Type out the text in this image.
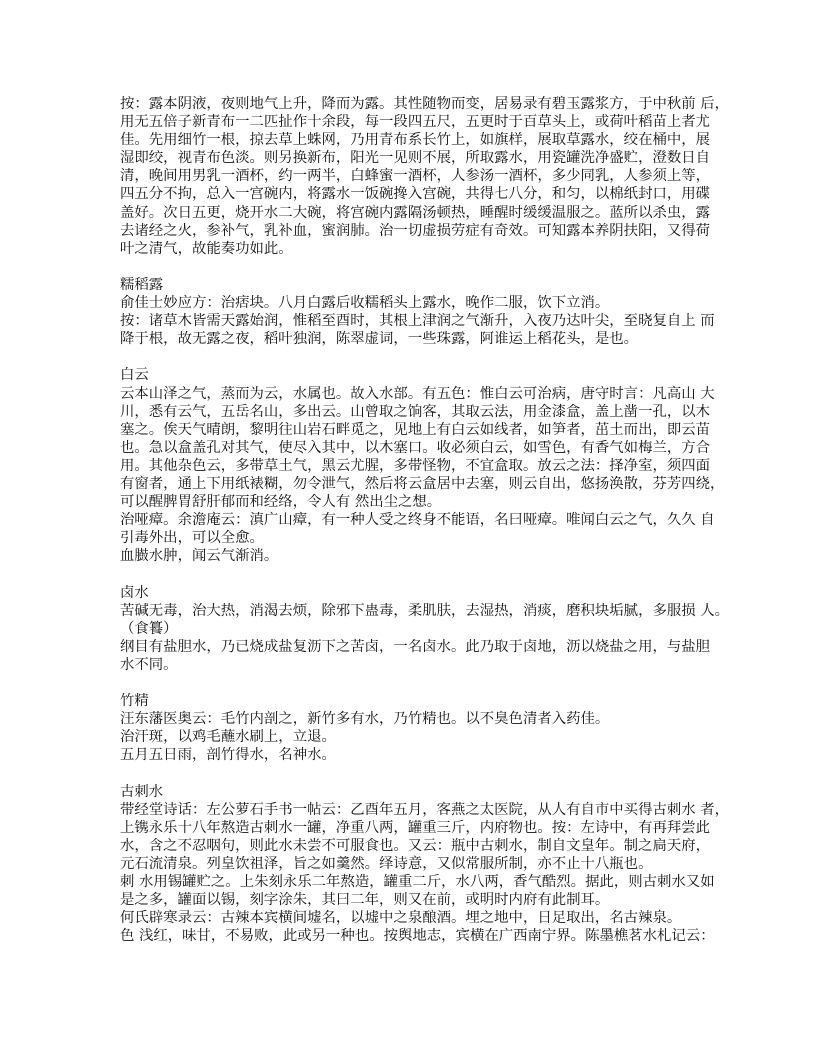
按：露本阴液，夜则地气上升，降而为露。其性随物而变，居易录有碧玉露浆方，于中秋前 后，
用无五倍子新青布一二匹扯作十余段，每一段四五尺，五更时于百草头上，或荷叶稻苗上者尤
佳。先用细竹一根，掠去草上蛛网，乃用青布系长竹上，如旗样，展取草露水，绞在桶中，展
湿即绞，视青布色淡。则另换新布，阳光一见则不展，所取露水，用瓷罐洗净盛贮，澄数日自
清，晚间用男乳一酒杯，约一两半，白蜂蜜一酒杯，人参汤一酒杯，多少同乳，人参须上等，
四五分不拘，总入一宫碗内，将露水一饭碗搀入宫碗，共得七八分，和匀，以棉纸封口，用碟
盖好。次日五更，烧开水二大碗，将宫碗内露隔汤顿热，睡醒时缓缓温服之。蓝所以杀虫，露
去诸经之火，参补气，乳补血，蜜润肺。治一切虚损劳症有奇效。可知露本养阴扶阳，又得荷
叶之清气，故能奏功如此。
糯稻露
俞佳士妙应方：治痞块。八月白露后收糯稻头上露水，晚作二服，饮下立消。
按：诸草木皆需天露始润，惟稻至酉时，其根上津润之气渐升，入夜乃达叶尖，至晓复自上 而
降于根，故无露之夜，稻叶独润，陈翠虚词，一些珠露，阿谁运上稻花头，是也。
白云
云本山泽之气，蒸而为云，水属也。故入水部。有五色：惟白云可治病，唐守时言：凡高山 大
川，悉有云气，五岳名山，多出云。山曾取之饷客，其取云法，用金漆盒，盖上凿一孔，以木
塞之。俟天气晴朗，黎明往山岩石畔觅之，见地上有白云如线者，如笋者，茁土而出，即云苗
也。急以盒盖孔对其气，使尽入其中，以木塞口。收必须白云，如雪色，有香气如梅兰，方合
用。其他杂色云，多带草土气，黑云尤腥，多带怪物，不宜盒取。放云之法：择净室，须四面
有窗者，通上下用纸裱糊，勿令泄气，然后将云盒居中去塞，则云自出，悠扬涣散，芬芳四绕，
可以醒脾胃舒肝郁而和经络，令人有 然出尘之想。
治哑瘴。余澹庵云：滇广山瘴，有一种人受之终身不能语，名曰哑瘴。唯闻白云之气，久久 自
引毒外出，可以全愈。
血臌水肿，闻云气渐消。
卤水
苦碱无毒，治大热，消渴去烦，除邪下蛊毒，柔肌肤，去湿热，消痰，磨积块垢腻，多服损 人。
（食籑）
纲目有盐胆水，乃已烧成盐复沥下之苦卤，一名卤水。此乃取于卤地，沥以烧盐之用，与盐胆
水不同。
竹精
汪东藩医奥云：毛竹内剖之，新竹多有水，乃竹精也。以不臭色清者入药佳。
治汗斑，以鸡毛蘸水刷上，立退。
五月五日雨，剖竹得水，名神水。
古刺水
带经堂诗话：左公萝石手书一帖云：乙酉年五月，客燕之太医院，从人有自市中买得古刺水 者，
上镌永乐十八年熬造古刺水一罐，净重八两，罐重三斤，内府物也。按：左诗中，有再拜尝此
水，含之不忍咽句，则此水未尝不可服食也。又云：瓶中古刺水，制自文皇年。制之扃天府，
元石流清泉。列皇饮祖泽，旨之如羹然。绎诗意，又似常服所制，亦不止十八瓶也。
刺 水用锡罐贮之。上朱刻永乐二年熬造，罐重二斤，水八两，香气酷烈。据此，则古刺水又如
是之多，罐面以锡，刻字涂朱，其曰二年，则又在前，或明时内府有此制耳。
何氏辟寒录云：古辣本宾横间墟名，以墟中之泉酿酒。埋之地中，日足取出，名古辣泉。
色 浅红，味甘，不易败，此或另一种也。按舆地志，宾横在广西南宁界。陈墨樵茗水札记云：
